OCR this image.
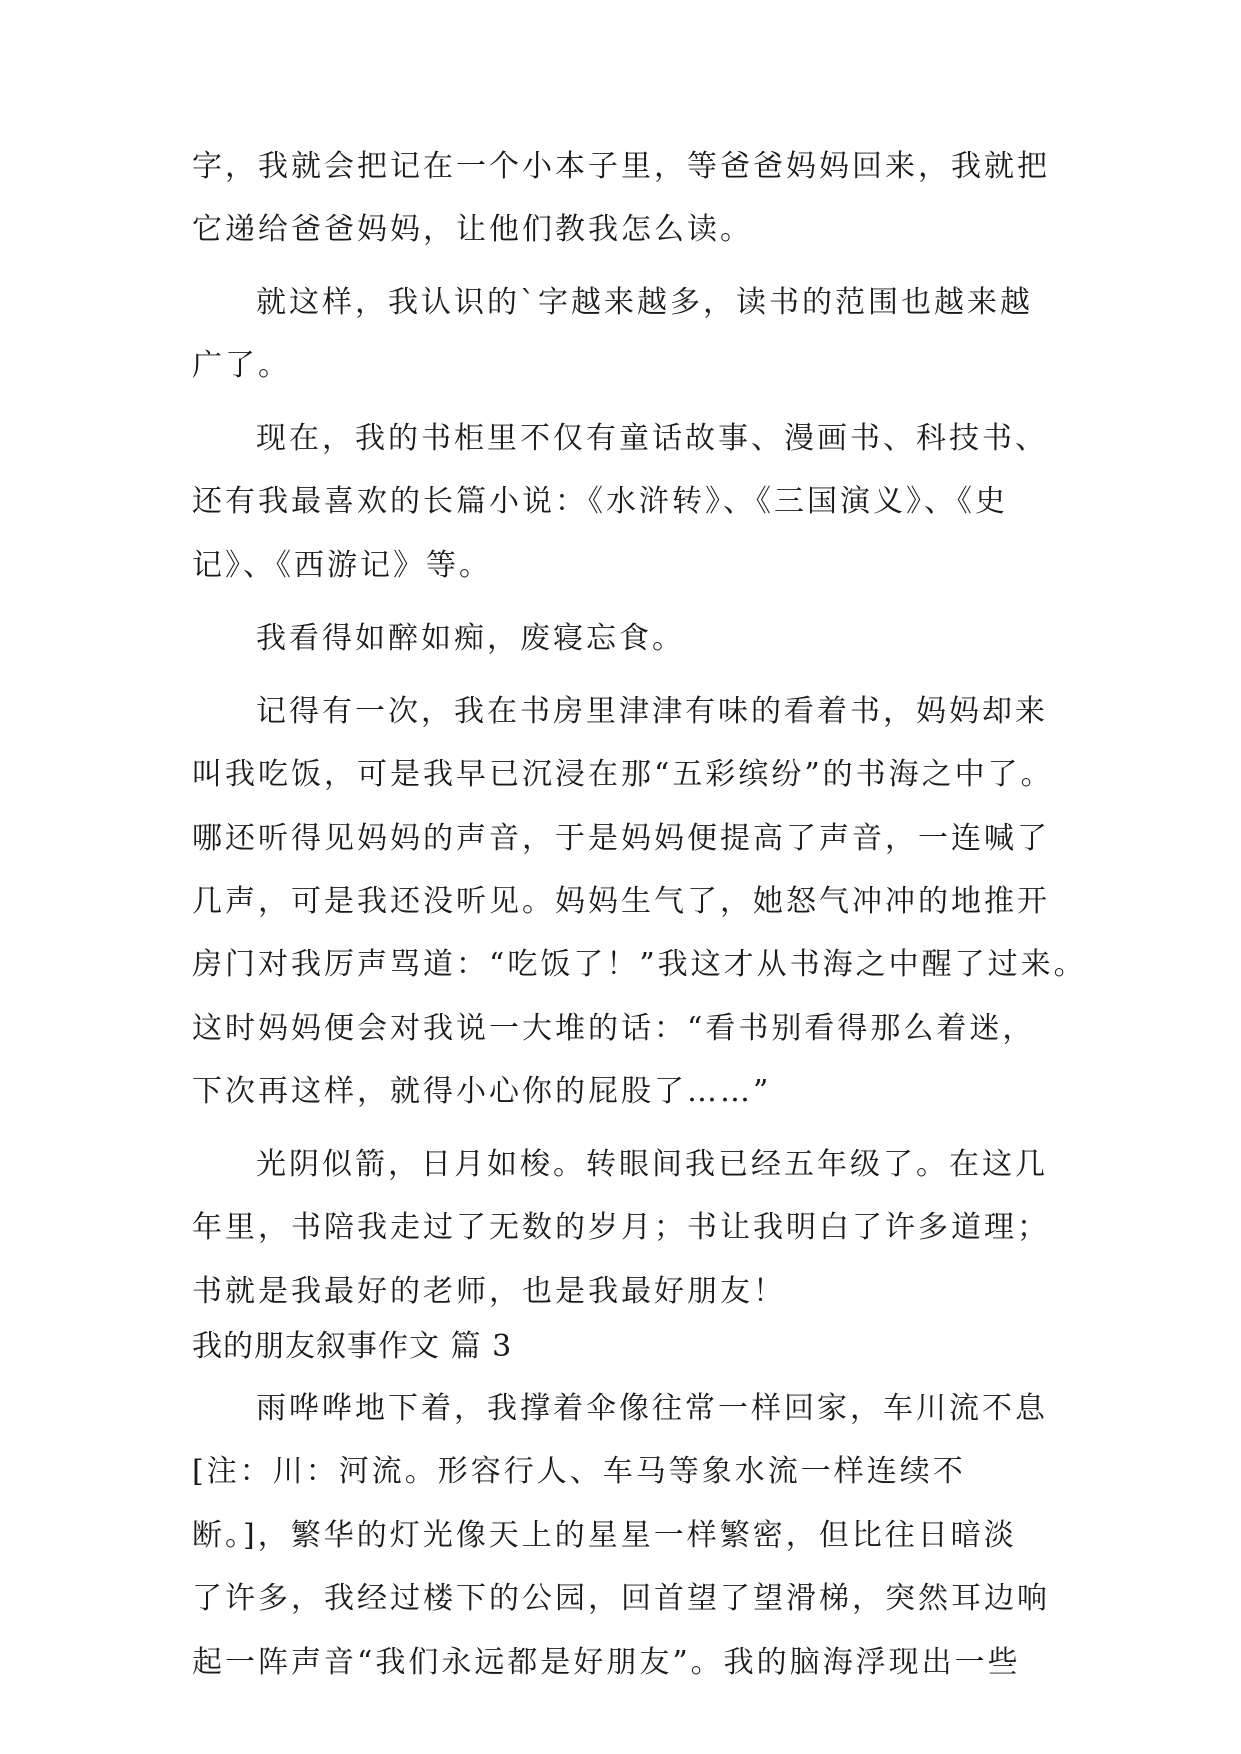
字，我就会把记在一个小本子里，等爸爸妈妈回来，我就把
它递给爸爸妈妈，让他们教我怎么读。
就这样，我认识的`字越来越多，读书的范围也越来越
广了。
现在，我的书柜里不仅有童话故事、漫画书、科技书、
还有我最喜欢的长篇小说：《水浒转》、《三国演义》、《史
记》、《西游记》等。
我看得如醉如痴，废寝忘食。
记得有一次，我在书房里津津有味的看着书，妈妈却来
叫我吃饭，可是我早已沉浸在那“五彩缤纷”的书海之中了。
哪还听得见妈妈的声音，于是妈妈便提高了声音，一连喊了
几声，可是我还没听见。妈妈生气了，她怒气冲冲的地推开
房门对我厉声骂道：“吃饭了！”我这才从书海之中醒了过来。
这时妈妈便会对我说一大堆的话：“看书别看得那么着迷，
下次再这样，就得小心你的屁股了……”
光阴似箭，日月如梭。转眼间我已经五年级了。在这几
年里，书陪我走过了无数的岁月；书让我明白了许多道理；
书就是我最好的老师，也是我最好朋友！
我的朋友叙事作文 篇 3
雨哗哗地下着，我撑着伞像往常一样回家，车川流不息
[注：川：河流。形容行人、车马等象水流一样连续不
断。]，繁华的灯光像天上的星星一样繁密，但比往日暗淡
了许多，我经过楼下的公园，回首望了望滑梯，突然耳边响
起一阵声音“我们永远都是好朋友”。我的脑海浮现出一些
